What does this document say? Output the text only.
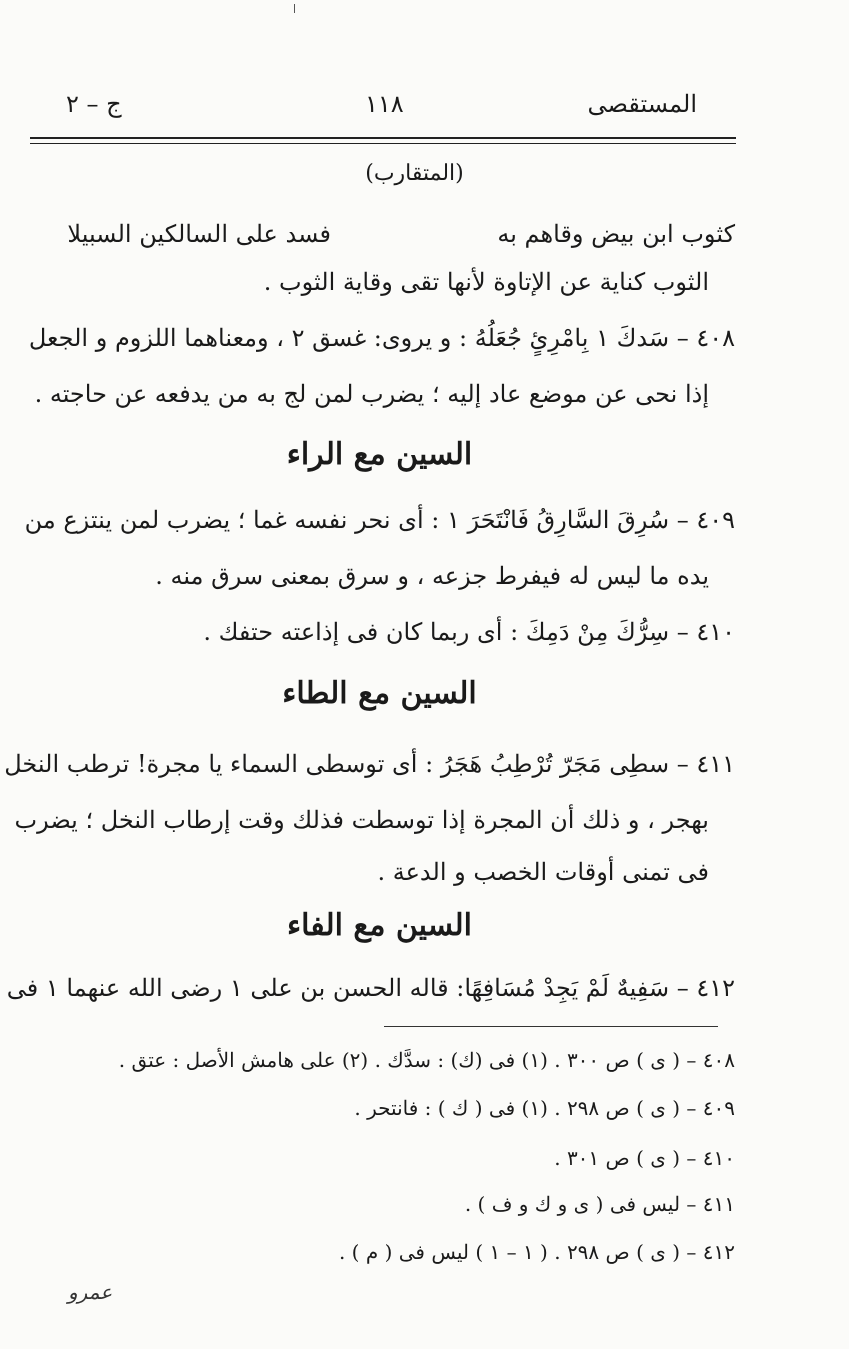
المستقصى
١١٨
ج – ٢
(المتقارب)
كثوب ابن بيض وقاهم به
فسد على السالكين السبيلا
الثوب كناية عن الإتاوة لأنها تقى وقاية الثوب .
٤٠٨ – سَدكَ ١ بِامْرِئٍ جُعَلُهُ : و يروى: غسق ٢ ، ومعناهما اللزوم و الجعل
إذا نحى عن موضع عاد إليه ؛ يضرب لمن لج به من يدفعه عن حاجته .
السين مع الراء
٤٠٩ – سُرِقَ السَّارِقُ فَانْتَحَرَ ١ : أى نحر نفسه غما ؛ يضرب لمن ينتزع من
يده ما ليس له فيفرط جزعه ، و سرق بمعنى سرق منه .
٤١٠ – سِرُّكَ مِنْ دَمِكَ : أى ربما كان فى إذاعته حتفك .
السين مع الطاء
٤١١ – سطِى مَجَرّ تُرْطِبُ هَجَرُ : أى توسطى السماء يا مجرة! ترطب النخل
بهجر ، و ذلك أن المجرة إذا توسطت فذلك وقت إرطاب النخل ؛ يضرب
فى تمنى أوقات الخصب و الدعة .
السين مع الفاء
٤١٢ – سَفِيهٌ لَمْ يَجِدْ مُسَافِهًا: قاله الحسن بن على ١ رضى الله عنهما ١ فى
٤٠٨ – ( ى ) ص ٣٠٠ . (١) فى (ك) : سدَّك . (٢) على هامش الأصل : عتق .
٤٠٩ – ( ى ) ص ٢٩٨ . (١) فى ( ك ) : فانتحر .
٤١٠ – ( ى ) ص ٣٠١ .
٤١١ – ليس فى ( ى و ك و ف ) .
٤١٢ – ( ى ) ص ٢٩٨ . ( ١ – ١ ) ليس فى ( م ) .
عمرو
